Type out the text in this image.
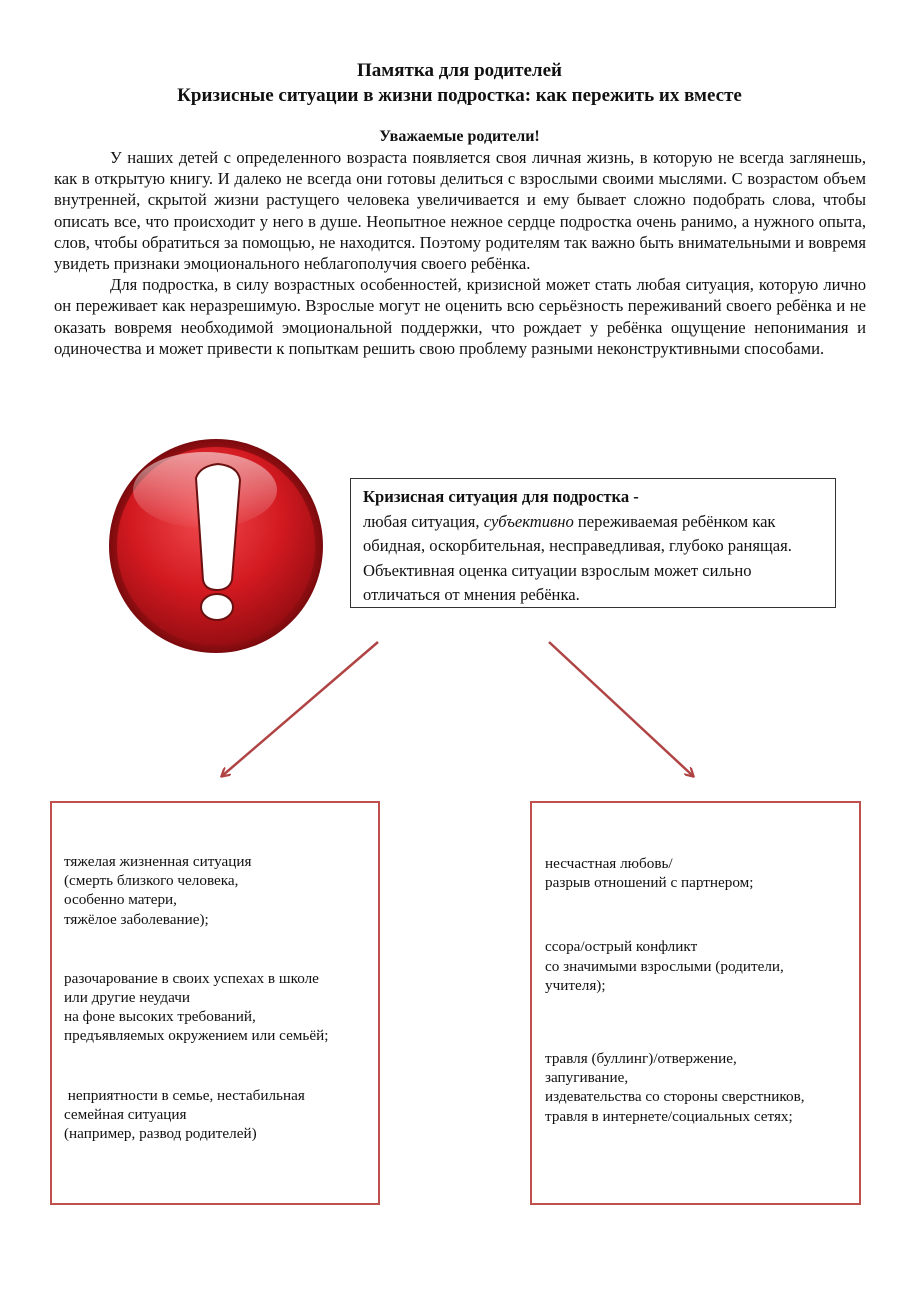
Памятка для родителей
Кризисные ситуации в жизни подростка: как пережить их вместе
Уважаемые родители!

У наших детей с определенного возраста появляется своя личная жизнь, в которую не всегда заглянешь, как в открытую книгу. И далеко не всегда они готовы делиться с взрослыми своими мыслями. С возрастом объем внутренней, скрытой жизни растущего человека увеличивается и ему бывает сложно подобрать слова, чтобы описать все, что происходит у него в душе. Неопытное нежное сердце подростка очень ранимо, а нужного опыта, слов, чтобы обратиться за помощью, не находится. Поэтому родителям так важно быть внимательными и вовремя увидеть признаки эмоционального неблагополучия своего ребёнка.

Для подростка, в силу возрастных особенностей, кризисной может стать любая ситуация, которую лично он переживает как неразрешимую. Взрослые могут не оценить всю серьёзность переживаний своего ребёнка и не оказать вовремя необходимой эмоциональной поддержки, что рождает у ребёнка ощущение непонимания и одиночества и может привести к попыткам решить свою проблему разными неконструктивными способами.

Кризисная ситуация для подростка -
любая ситуация, субъективно переживаемая ребёнком как обидная, оскорбительная, несправедливая, глубоко ранящая. Объективная оценка ситуации взрослым может сильно отличаться от мнения ребёнка.
тяжелая жизненная ситуация
(смерть близкого человека,
особенно матери,
тяжёлое заболевание);
разочарование в своих успехах в школе
или другие неудачи
на фоне высоких требований,
предъявляемых окружением или семьёй;
неприятности в семье, нестабильная
семейная ситуация
(например, развод родителей)
несчастная любовь/
разрыв отношений с партнером;
ссора/острый конфликт
со значимыми взрослыми (родители,
учителя);
травля (буллинг)/отвержение,
запугивание,
издевательства со стороны сверстников,
травля в интернете/социальных сетях;
